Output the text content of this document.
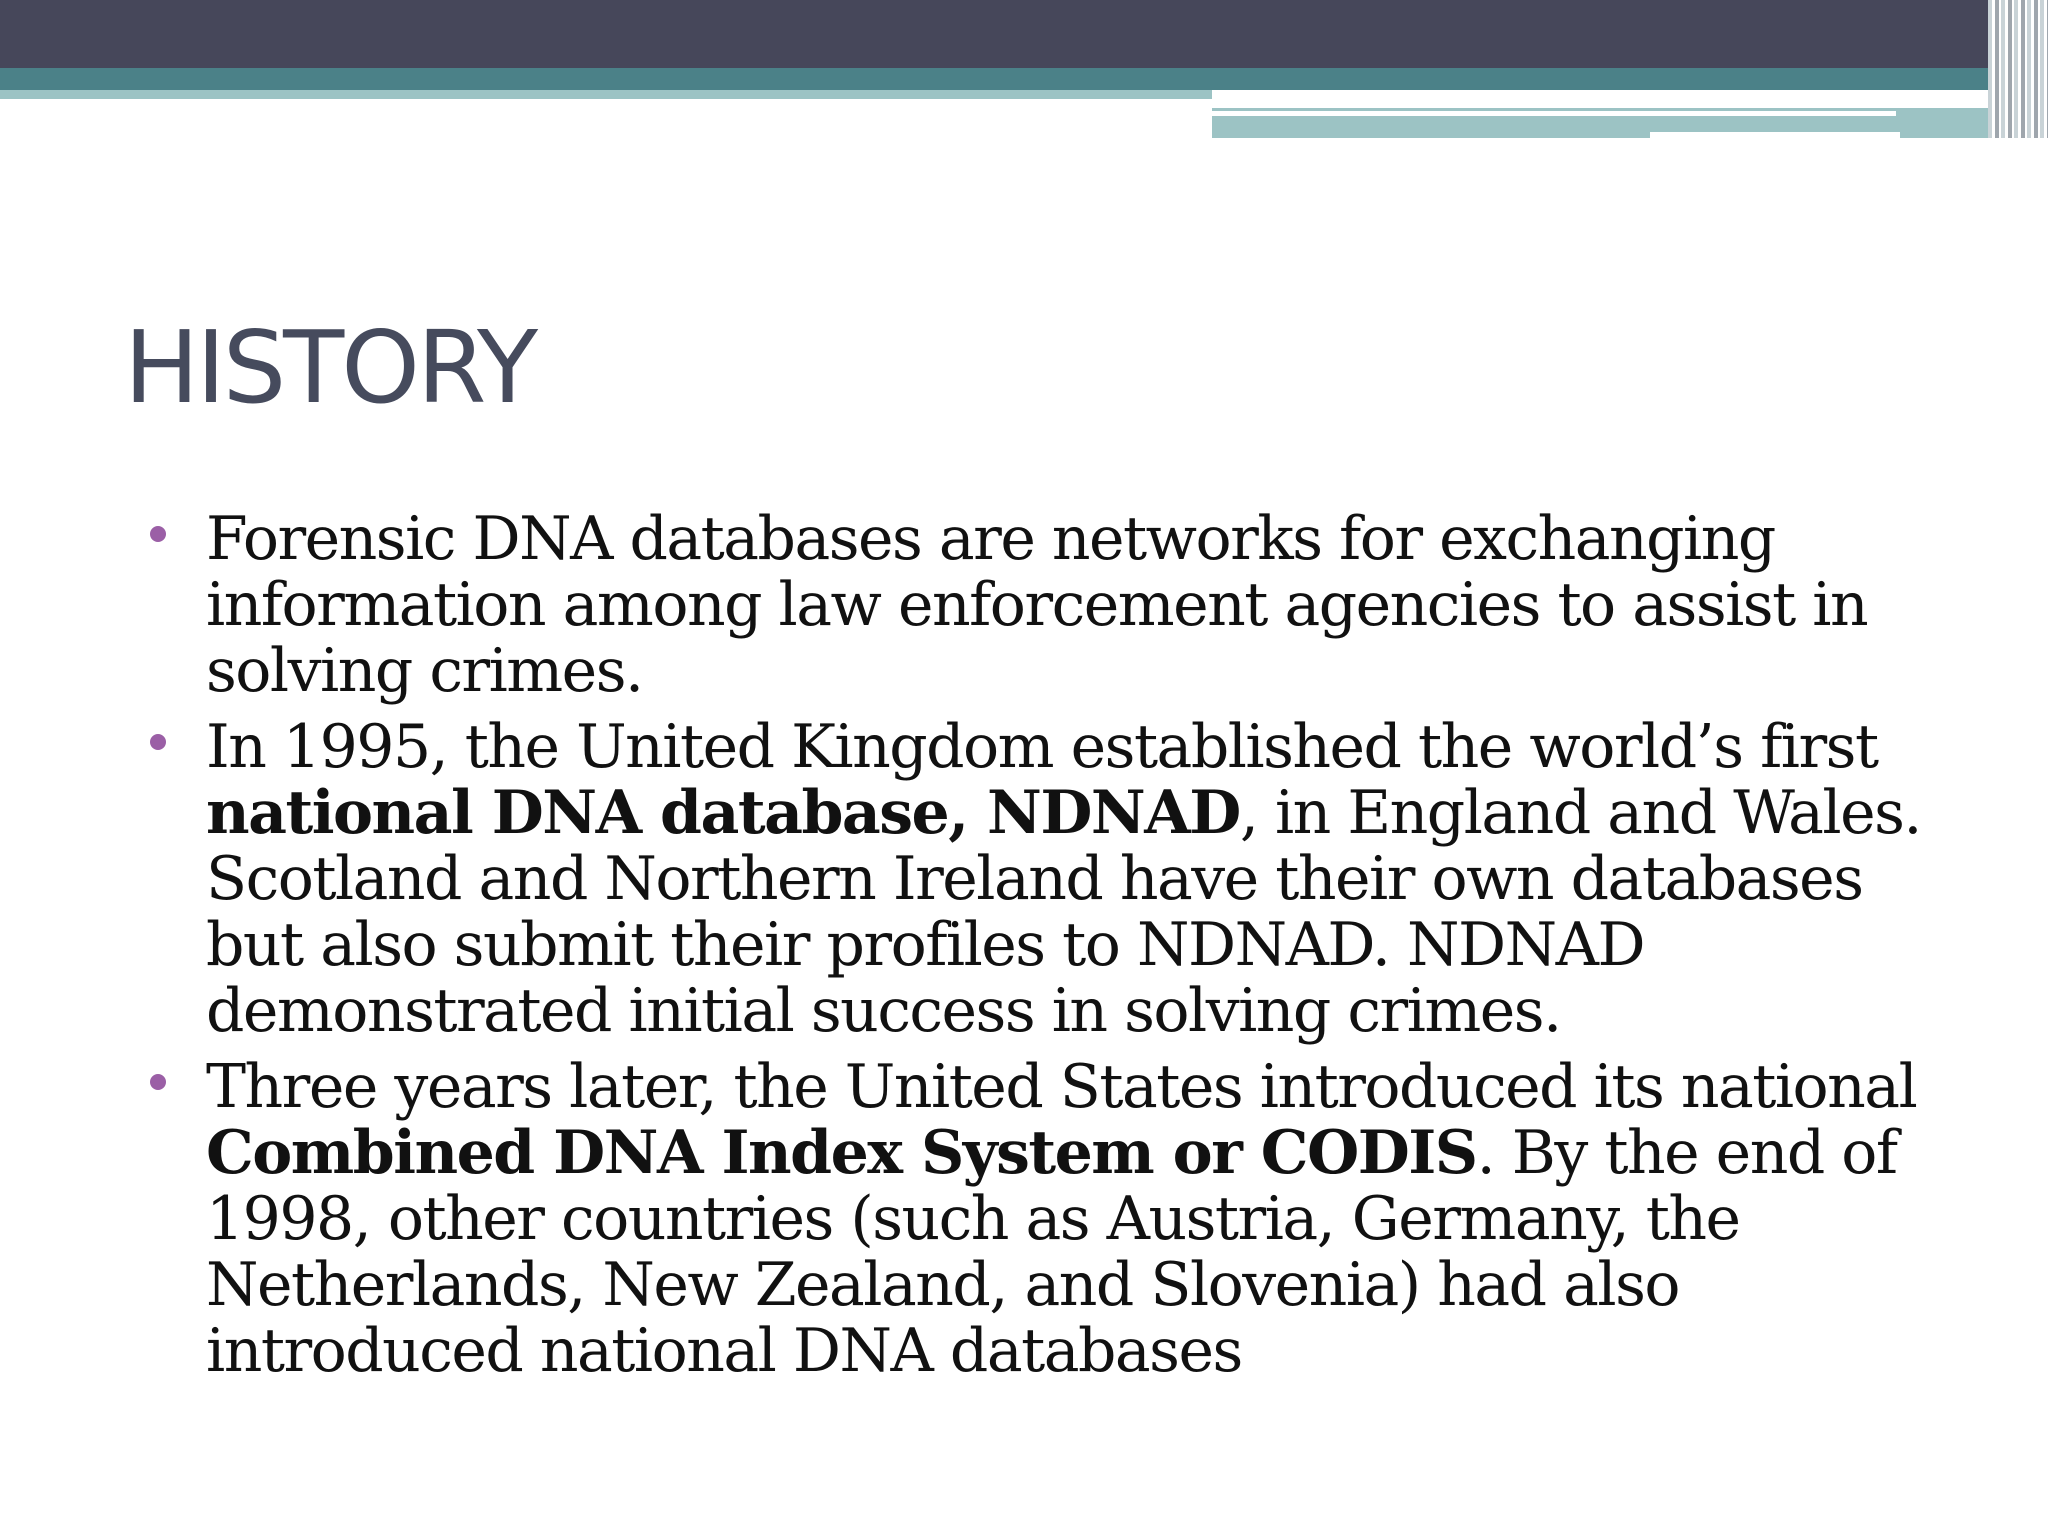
HISTORY
Forensic DNA databases are networks for exchanging information among law enforcement agencies to assist in solving crimes.
In 1995, the United Kingdom established the world’s first national DNA database, NDNAD, in England and Wales. Scotland and Northern Ireland have their own databases but also submit their profiles to NDNAD. NDNAD demonstrated initial success in solving crimes.
Three years later, the United States introduced its national Combined DNA Index System or CODIS. By the end of 1998, other countries (such as Austria, Germany, the Netherlands, New Zealand, and Slovenia) had also introduced national DNA databases
